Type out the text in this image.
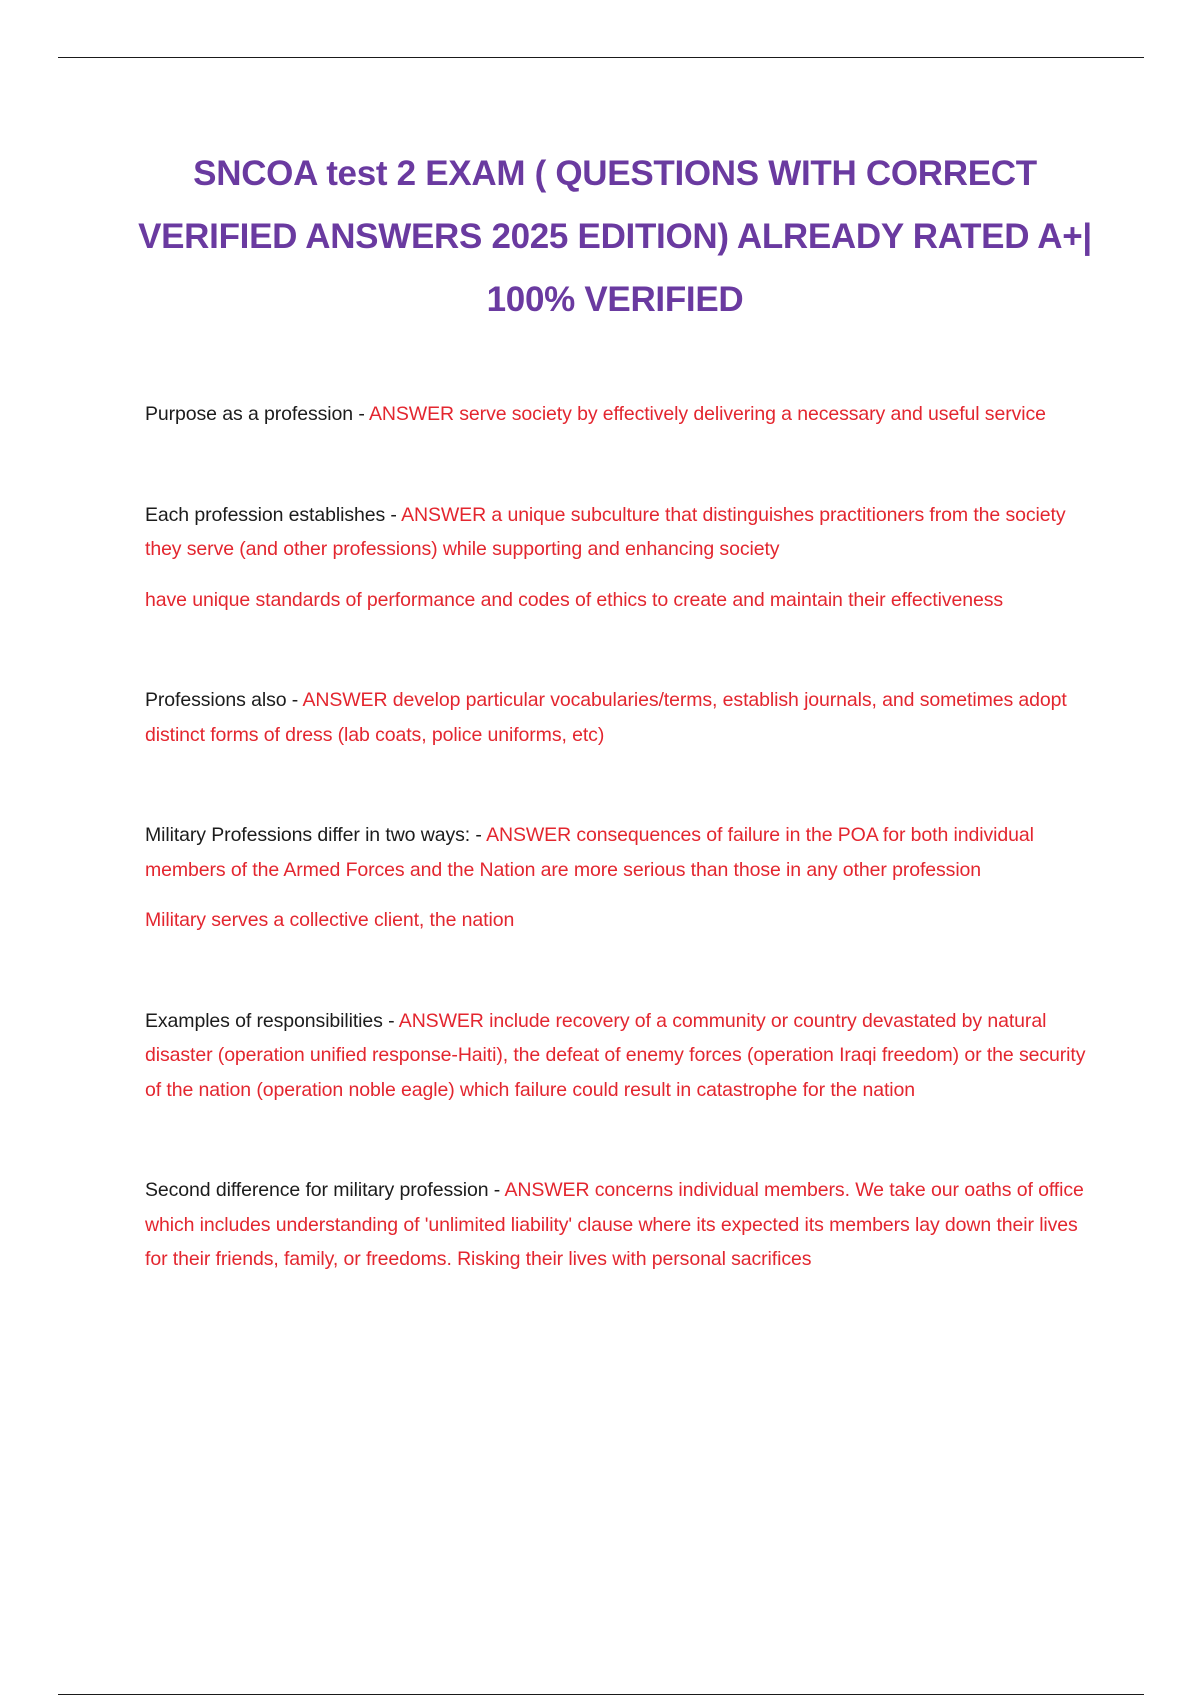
SNCOA test 2 EXAM ( QUESTIONS WITH CORRECT VERIFIED ANSWERS 2025 EDITION) ALREADY RATED A+| 100% VERIFIED

Purpose as a profession - ANSWER serve society by effectively delivering a necessary and useful service

Each profession establishes - ANSWER a unique subculture that distinguishes practitioners from the society they serve (and other professions) while supporting and enhancing society

have unique standards of performance and codes of ethics to create and maintain their effectiveness

Professions also - ANSWER develop particular vocabularies/terms, establish journals, and sometimes adopt distinct forms of dress (lab coats, police uniforms, etc)

Military Professions differ in two ways: - ANSWER consequences of failure in the POA for both individual members of the Armed Forces and the Nation are more serious than those in any other profession

Military serves a collective client, the nation

Examples of responsibilities - ANSWER include recovery of a community or country devastated by natural disaster (operation unified response-Haiti), the defeat of enemy forces (operation Iraqi freedom) or the security of the nation (operation noble eagle) which failure could result in catastrophe for the nation

Second difference for military profession - ANSWER concerns individual members. We take our oaths of office which includes understanding of 'unlimited liability' clause where its expected its members lay down their lives for their friends, family, or freedoms. Risking their lives with personal sacrifices
